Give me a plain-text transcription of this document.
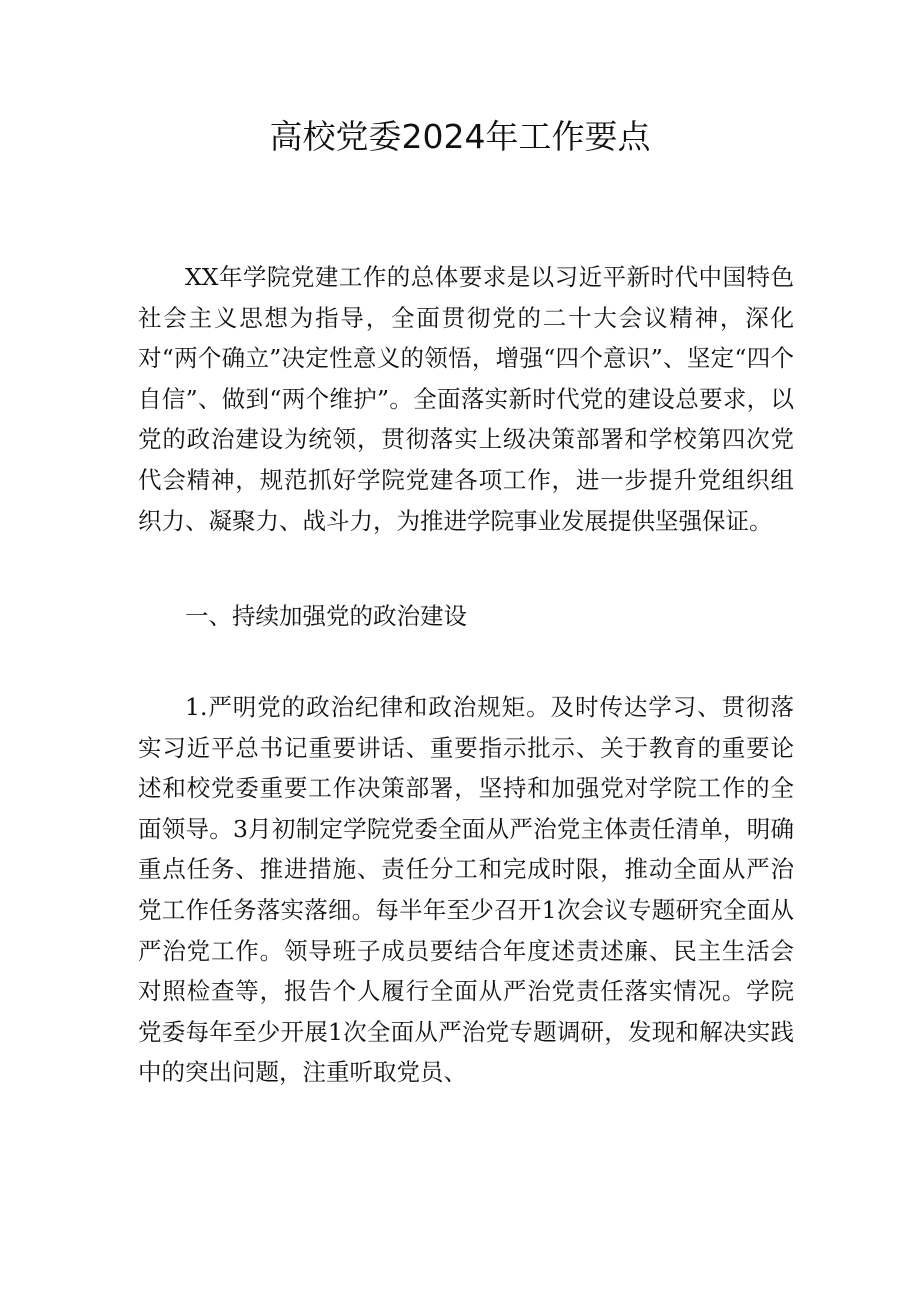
高校党委2024年工作要点

XX年学院党建工作的总体要求是以习近平新时代中国特色社会主义思想为指导，全面贯彻党的二十大会议精神，深化对“两个确立”决定性意义的领悟，增强“四个意识”、坚定“四个自信”、做到“两个维护”。全面落实新时代党的建设总要求，以党的政治建设为统领，贯彻落实上级决策部署和学校第四次党代会精神，规范抓好学院党建各项工作，进一步提升党组织组织力、凝聚力、战斗力，为推进学院事业发展提供坚强保证。

一、持续加强党的政治建设

1.严明党的政治纪律和政治规矩。及时传达学习、贯彻落实习近平总书记重要讲话、重要指示批示、关于教育的重要论述和校党委重要工作决策部署，坚持和加强党对学院工作的全面领导。3月初制定学院党委全面从严治党主体责任清单，明确重点任务、推进措施、责任分工和完成时限，推动全面从严治党工作任务落实落细。每半年至少召开1次会议专题研究全面从严治党工作。领导班子成员要结合年度述责述廉、民主生活会对照检查等，报告个人履行全面从严治党责任落实情况。学院党委每年至少开展1次全面从严治党专题调研，发现和解决实践中的突出问题，注重听取党员、
